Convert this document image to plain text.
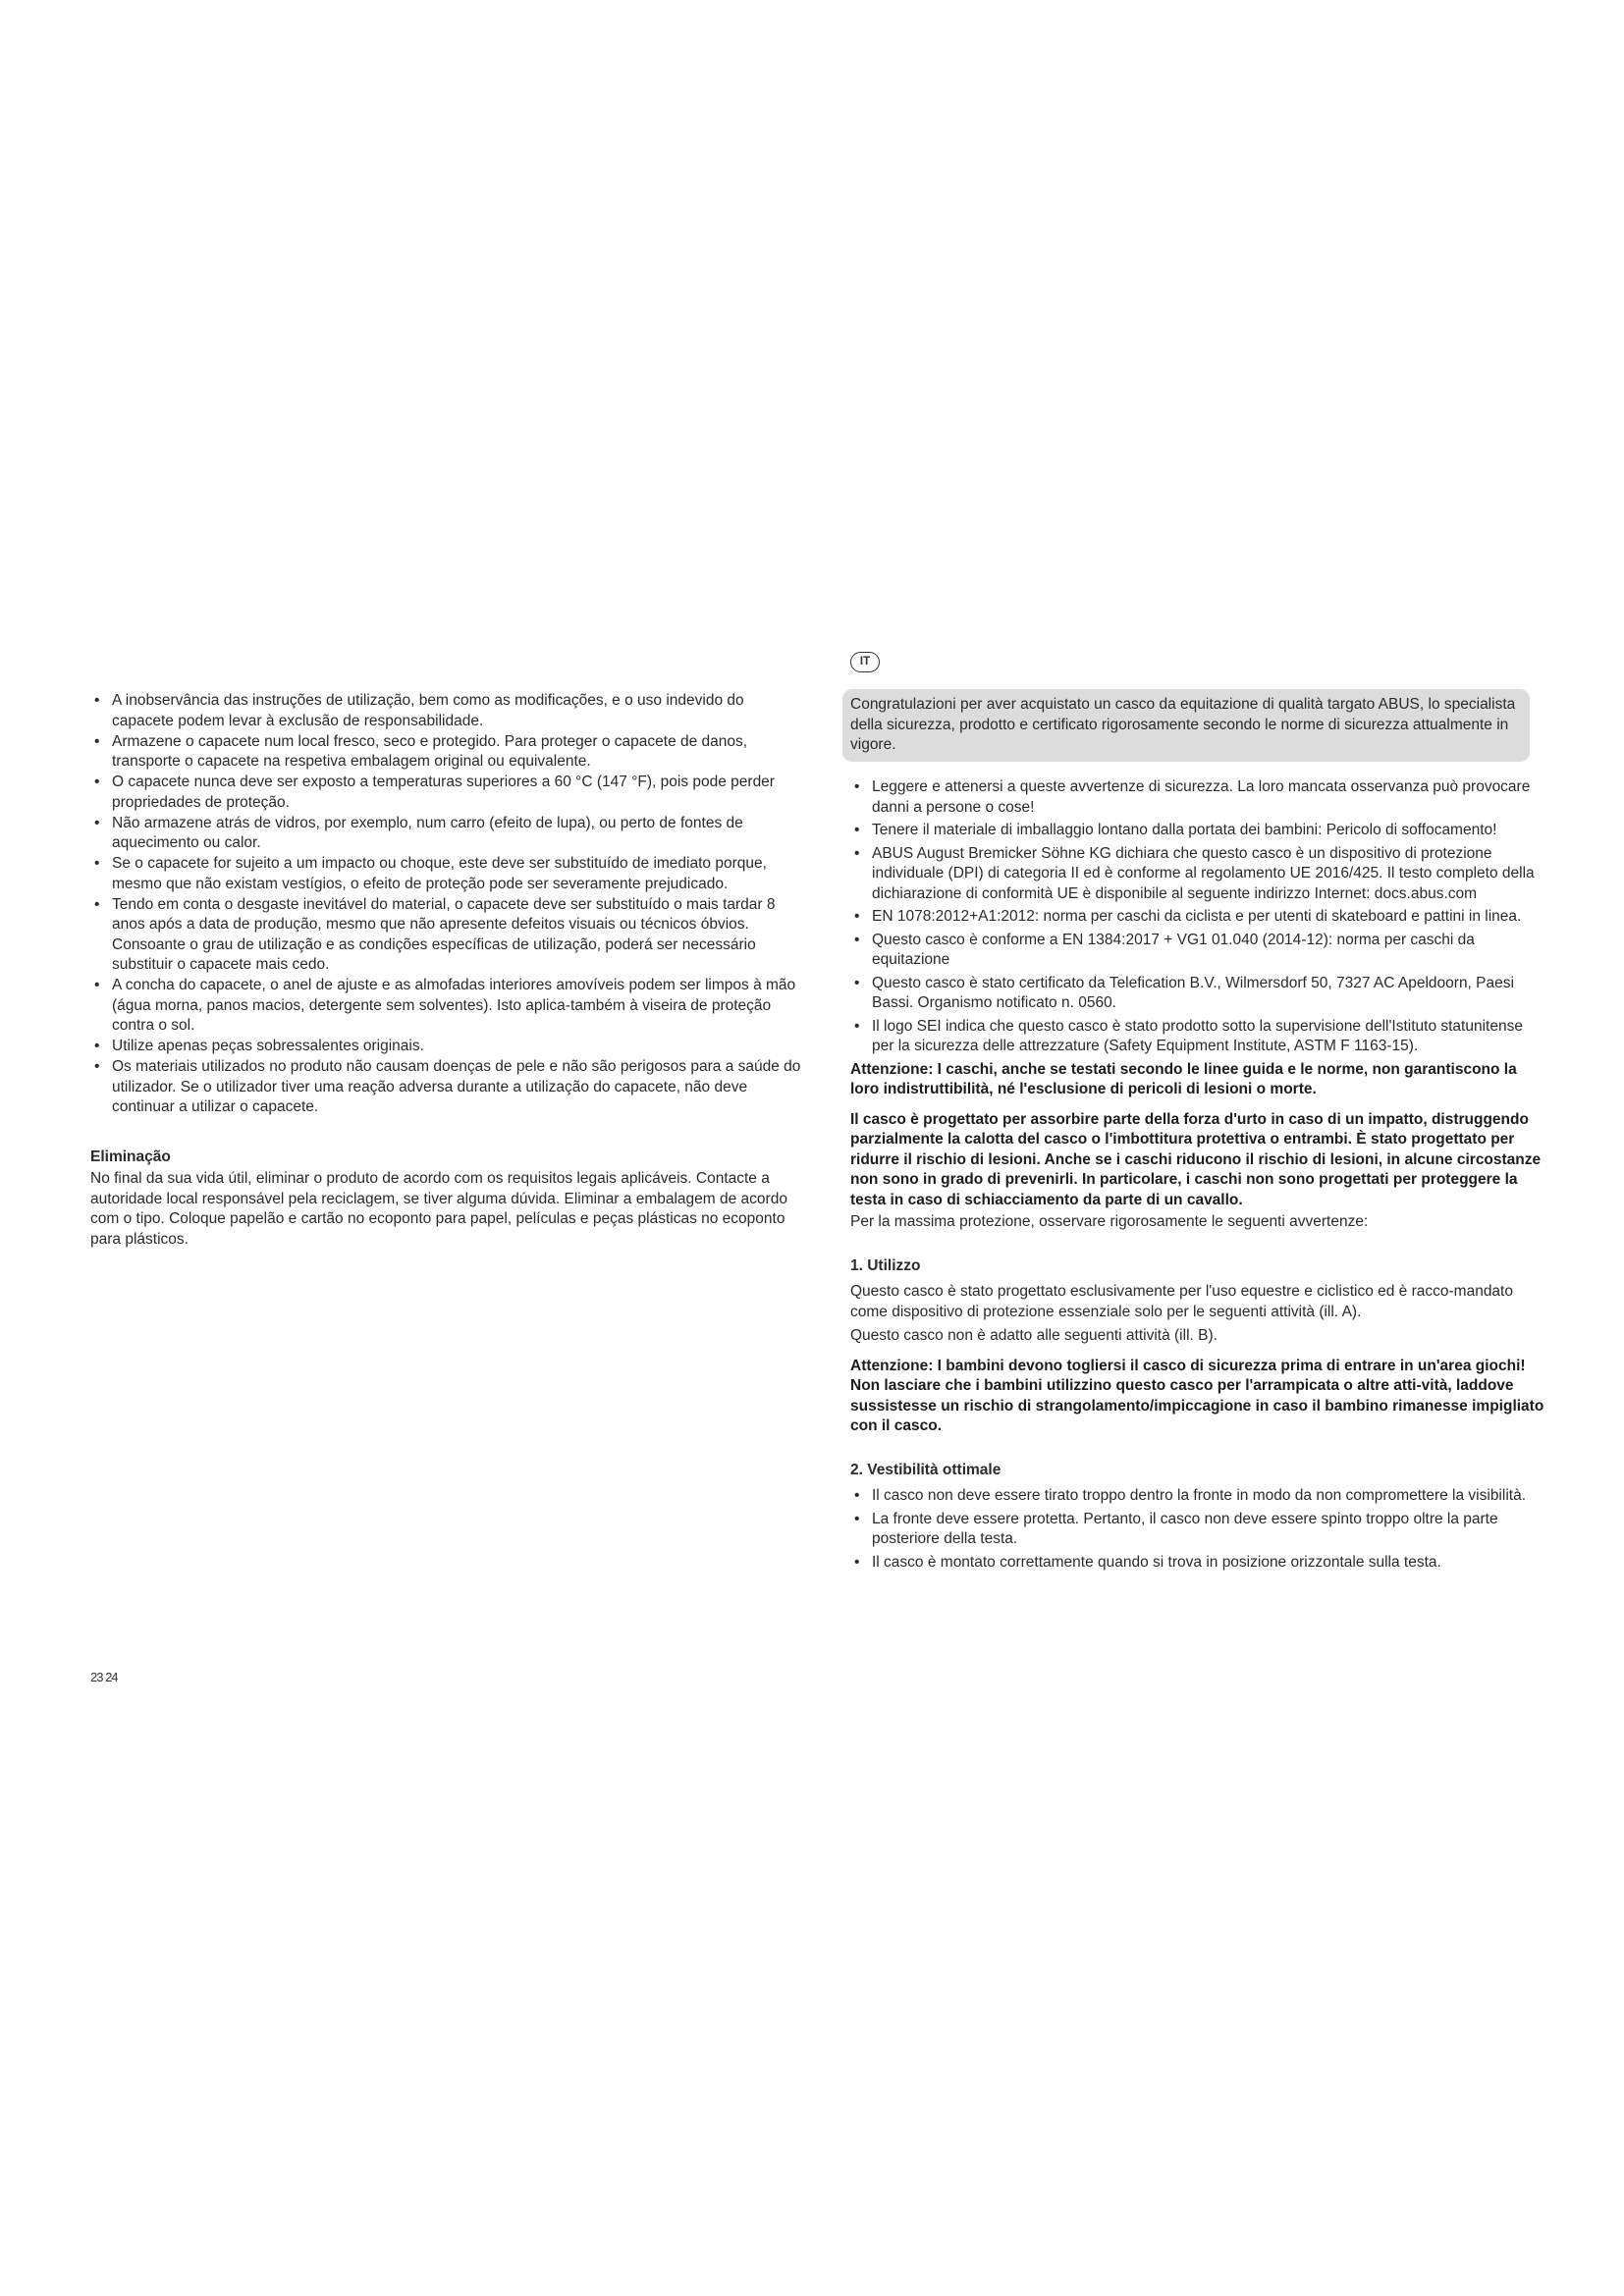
• A inobservância das instruções de utilização, bem como as modificações, e o uso indevido do capacete podem levar à exclusão de responsabilidade.
• Armazene o capacete num local fresco, seco e protegido. Para proteger o capacete de danos, transporte o capacete na respetiva embalagem original ou equivalente.
• O capacete nunca deve ser exposto a temperaturas superiores a 60 °C (147 °F), pois pode perder propriedades de proteção.
• Não armazene atrás de vidros, por exemplo, num carro (efeito de lupa), ou perto de fontes de aquecimento ou calor.
• Se o capacete for sujeito a um impacto ou choque, este deve ser substituído de imediato porque, mesmo que não existam vestígios, o efeito de proteção pode ser severamente prejudicado.
• Tendo em conta o desgaste inevitável do material, o capacete deve ser substituído o mais tardar 8 anos após a data de produção, mesmo que não apresente defeitos visuais ou técnicos óbvios. Consoante o grau de utilização e as condições específicas de utilização, poderá ser necessário substituir o capacete mais cedo.
• A concha do capacete, o anel de ajuste e as almofadas interiores amovíveis podem ser limpos à mão (água morna, panos macios, detergente sem solventes). Isto aplica-também à viseira de proteção contra o sol.
• Utilize apenas peças sobressalentes originais.
• Os materiais utilizados no produto não causam doenças de pele e não são perigosos para a saúde do utilizador. Se o utilizador tiver uma reação adversa durante a utilização do capacete, não deve continuar a utilizar o capacete.
Eliminação

No final da sua vida útil, eliminar o produto de acordo com os requisitos legais aplicáveis. Contacte a autoridade local responsável pela reciclagem, se tiver alguma dúvida. Eliminar a embalagem de acordo com o tipo. Coloque papelão e cartão no ecoponto para papel, películas e peças plásticas no ecoponto para plásticos.

IT
Congratulazioni per aver acquistato un casco da equitazione di qualità targato ABUS, lo specialista della sicurezza, prodotto e certificato rigorosamente secondo le norme di sicurezza attualmente in vigore.
• Leggere e attenersi a queste avvertenze di sicurezza. La loro mancata osservanza può provocare danni a persone o cose!
• Tenere il materiale di imballaggio lontano dalla portata dei bambini: Pericolo di soffocamento!
• ABUS August Bremicker Söhne KG dichiara che questo casco è un dispositivo di protezione individuale (DPI) di categoria II ed è conforme al regolamento UE 2016/425. Il testo completo della dichiarazione di conformità UE è disponibile al seguente indirizzo Internet: docs.abus.com
• EN 1078:2012+A1:2012: norma per caschi da ciclista e per utenti di skateboard e pattini in linea.
• Questo casco è conforme a EN 1384:2017 + VG1 01.040 (2014-12): norma per caschi da equitazione
• Questo casco è stato certificato da Telefication B.V., Wilmersdorf 50, 7327 AC Apeldoorn, Paesi Bassi. Organismo notificato n. 0560.
• Il logo SEI indica che questo casco è stato prodotto sotto la supervisione dell'Istituto statunitense per la sicurezza delle attrezzature (Safety Equipment Institute, ASTM F 1163-15).

Attenzione: I caschi, anche se testati secondo le linee guida e le norme, non garantiscono la loro indistruttibilità, né l'esclusione di pericoli di lesioni o morte.

Il casco è progettato per assorbire parte della forza d'urto in caso di un impatto, distruggendo parzialmente la calotta del casco o l'imbottitura protettiva o entrambi. È stato progettato per ridurre il rischio di lesioni. Anche se i caschi riducono il rischio di lesioni, in alcune circostanze non sono in grado di prevenirli. In particolare, i caschi non sono progettati per proteggere la testa in caso di schiacciamento da parte di un cavallo.

Per la massima protezione, osservare rigorosamente le seguenti avvertenze:

1. Utilizzo

Questo casco è stato progettato esclusivamente per l'uso equestre e ciclistico ed è racco-mandato come dispositivo di protezione essenziale solo per le seguenti attività (ill. A).

Questo casco non è adatto alle seguenti attività (ill. B).

Attenzione: I bambini devono togliersi il casco di sicurezza prima di entrare in un'area giochi! Non lasciare che i bambini utilizzino questo casco per l'arrampicata o altre atti-vità, laddove sussistesse un rischio di strangolamento/impiccagione in caso il bambino rimanesse impigliato con il casco.

2. Vestibilità ottimale
• Il casco non deve essere tirato troppo dentro la fronte in modo da non compromettere la visibilità.
• La fronte deve essere protetta. Pertanto, il casco non deve essere spinto troppo oltre la parte posteriore della testa.
• Il casco è montato correttamente quando si trova in posizione orizzontale sulla testa.
23 24
